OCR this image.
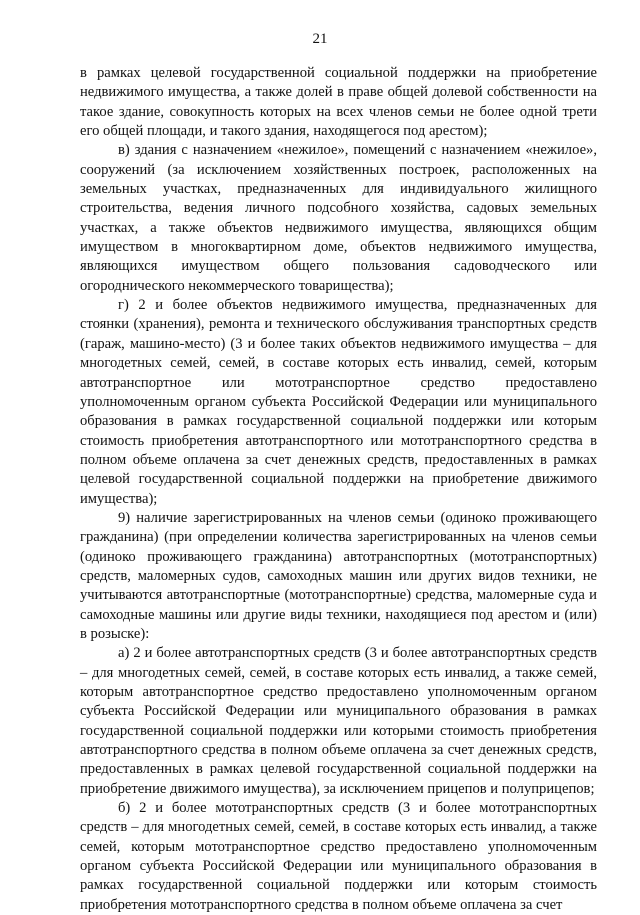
21

в рамках целевой государственной социальной поддержки на приобретение недвижимого имущества, а также долей в праве общей долевой собственности на такое здание, совокупность которых на всех членов семьи не более одной трети его общей площади, и такого здания, находящегося под арестом);

в) здания с назначением «нежилое», помещений с назначением «нежилое», сооружений (за исключением хозяйственных построек, расположенных на земельных участках, предназначенных для индивидуального жилищного строительства, ведения личного подсобного хозяйства, садовых земельных участках, а также объектов недвижимого имущества, являющихся общим имуществом в многоквартирном доме, объектов недвижимого имущества, являющихся имуществом общего пользования садоводческого или огороднического некоммерческого товарищества);

г) 2 и более объектов недвижимого имущества, предназначенных для стоянки (хранения), ремонта и технического обслуживания транспортных средств (гараж, машино-место) (3 и более таких объектов недвижимого имущества – для многодетных семей, семей, в составе которых есть инвалид, семей, которым автотранспортное или мототранспортное средство предоставлено уполномоченным органом субъекта Российской Федерации или муниципального образования в рамках государственной социальной поддержки или которым стоимость приобретения автотранспортного или мототранспортного средства в полном объеме оплачена за счет денежных средств, предоставленных в рамках целевой государственной социальной поддержки на приобретение движимого имущества);

9) наличие зарегистрированных на членов семьи (одиноко проживающего гражданина) (при определении количества зарегистрированных на членов семьи (одиноко проживающего гражданина) автотранспортных (мототранспортных) средств, маломерных судов, самоходных машин или других видов техники, не учитываются автотранспортные (мототранспортные) средства, маломерные суда и самоходные машины или другие виды техники, находящиеся под арестом и (или) в розыске):

а) 2 и более автотранспортных средств (3 и более автотранспортных средств – для многодетных семей, семей, в составе которых есть инвалид, а также семей, которым автотранспортное средство предоставлено уполномоченным органом субъекта Российской Федерации или муниципального образования в рамках государственной социальной поддержки или которыми стоимость приобретения автотранспортного средства в полном объеме оплачена за счет денежных средств, предоставленных в рамках целевой государственной социальной поддержки на приобретение движимого имущества), за исключением прицепов и полуприцепов;

б) 2 и более мототранспортных средств (3 и более мототранспортных средств – для многодетных семей, семей, в составе которых есть инвалид, а также семей, которым мототранспортное средство предоставлено уполномоченным органом субъекта Российской Федерации или муниципального образования в рамках государственной социальной поддержки или которым стоимость приобретения мототранспортного средства в полном объеме оплачена за счет
